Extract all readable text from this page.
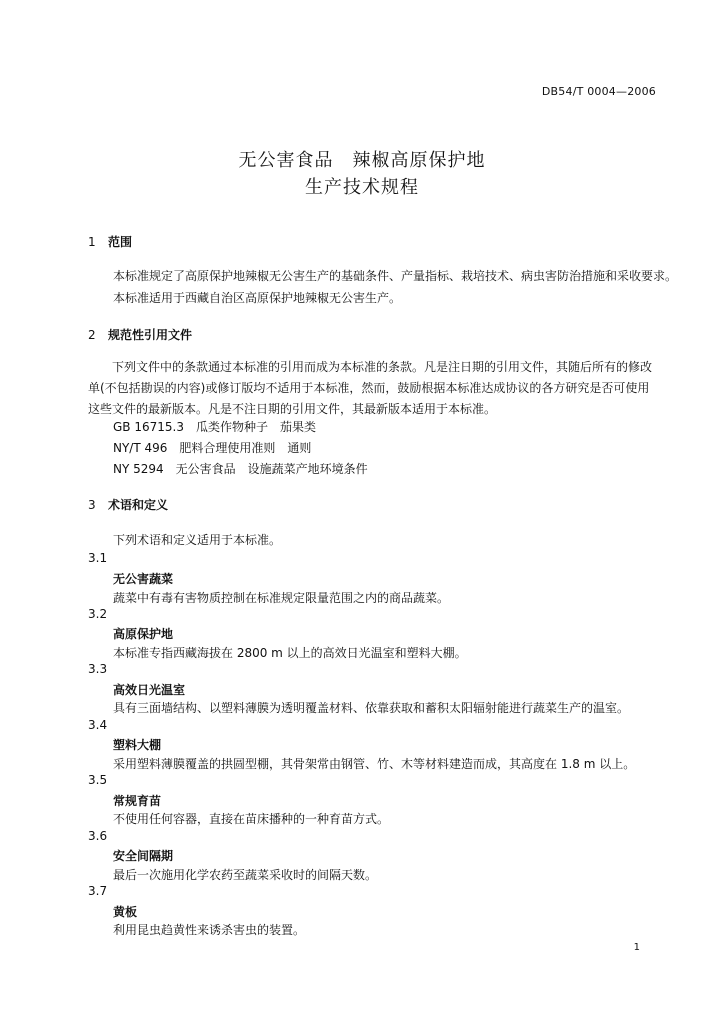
DB54/T 0004—2006
无公害食品　辣椒高原保护地
生产技术规程
1 范围
本标准规定了高原保护地辣椒无公害生产的基础条件、产量指标、栽培技术、病虫害防治措施和采收要求。
本标准适用于西藏自治区高原保护地辣椒无公害生产。
2 规范性引用文件
下列文件中的条款通过本标准的引用而成为本标准的条款。凡是注日期的引用文件，其随后所有的修改单(不包括勘误的内容)或修订版均不适用于本标准，然而，鼓励根据本标准达成协议的各方研究是否可使用这些文件的最新版本。凡是不注日期的引用文件，其最新版本适用于本标准。
GB 16715.3　瓜类作物种子　茄果类
NY/T 496　肥料合理使用准则　通则
NY 5294　无公害食品　设施蔬菜产地环境条件
3 术语和定义
下列术语和定义适用于本标准。
3.1
无公害蔬菜
蔬菜中有毒有害物质控制在标准规定限量范围之内的商品蔬菜。
3.2
高原保护地
本标准专指西藏海拔在 2800 m 以上的高效日光温室和塑料大棚。
3.3
高效日光温室
具有三面墙结构、以塑料薄膜为透明覆盖材料、依靠获取和蓄积太阳辐射能进行蔬菜生产的温室。
3.4
塑料大棚
采用塑料薄膜覆盖的拱圆型棚，其骨架常由钢管、竹、木等材料建造而成，其高度在 1.8 m 以上。
3.5
常规育苗
不使用任何容器，直接在苗床播种的一种育苗方式。
3.6
安全间隔期
最后一次施用化学农药至蔬菜采收时的间隔天数。
3.7
黄板
利用昆虫趋黄性来诱杀害虫的装置。
1
